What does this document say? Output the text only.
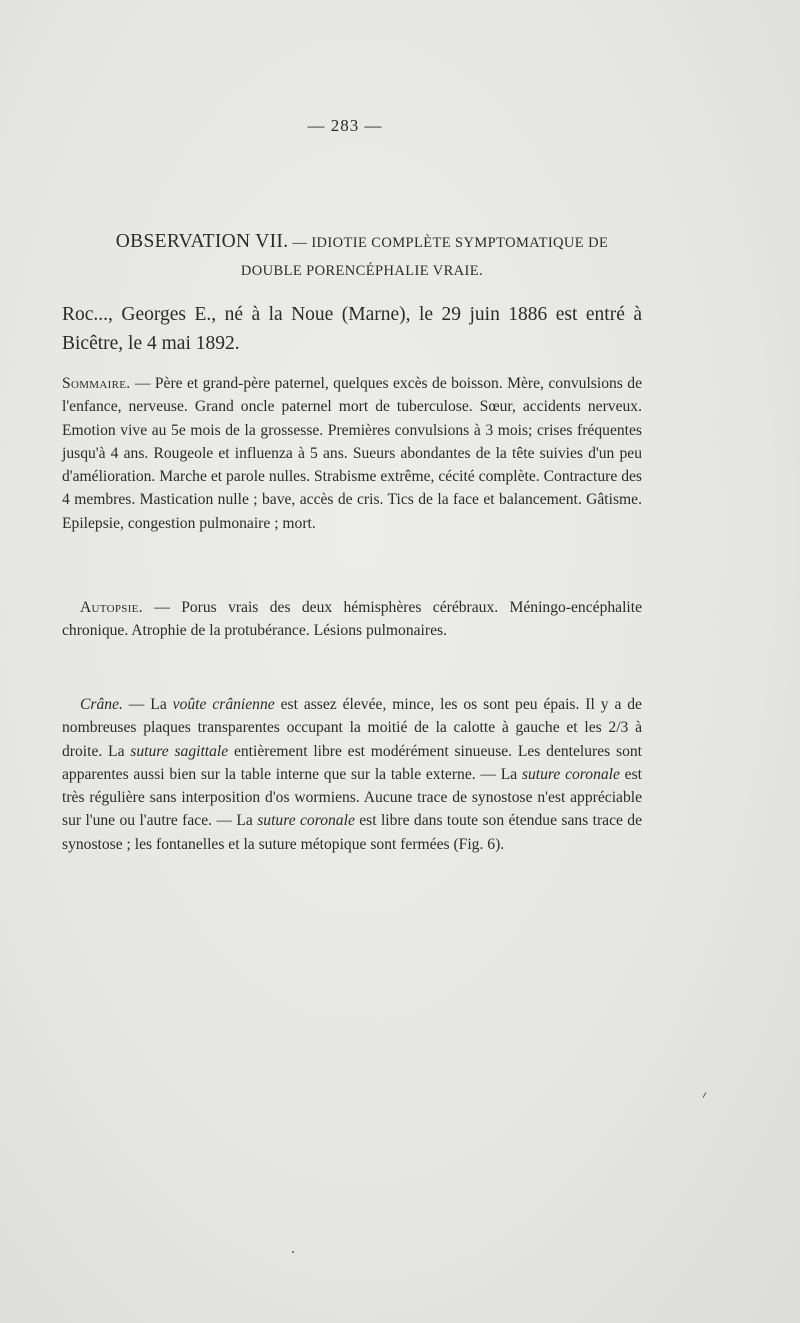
— 283 —
OBSERVATION VII. — IDIOTIE COMPLÈTE SYMPTOMATIQUE DE
DOUBLE PORENCÉPHALIE VRAIE.
Roc..., Georges E., né à la Noue (Marne), le 29 juin 1886 est entré à Bicêtre, le 4 mai 1892.
Sommaire. — Père et grand-père paternel, quelques excès de boisson. Mère, convulsions de l'enfance, nerveuse. Grand oncle paternel mort de tuberculose. Sœur, accidents nerveux. Emotion vive au 5e mois de la grossesse. Premières convulsions à 3 mois; crises fréquentes jusqu'à 4 ans. Rougeole et influenza à 5 ans. Sueurs abondantes de la tête suivies d'un peu d'amélioration. Marche et parole nulles. Strabisme extrême, cécité complète. Contracture des 4 membres. Mastication nulle ; bave, accès de cris. Tics de la face et balancement. Gâtisme. Epilepsie, congestion pulmonaire ; mort.
Autopsie. — Porus vrais des deux hémisphères cérébraux. Méningo-encéphalite chronique. Atrophie de la protubérance. Lésions pulmonaires.
Crâne. — La voûte crânienne est assez élevée, mince, les os sont peu épais. Il y a de nombreuses plaques transparentes occupant la moitié de la calotte à gauche et les 2/3 à droite. La suture sagittale entièrement libre est modérément sinueuse. Les dentelures sont apparentes aussi bien sur la table interne que sur la table externe. — La suture coronale est très régulière sans interposition d'os wormiens. Aucune trace de synostose n'est appréciable sur l'une ou l'autre face. — La suture coronale est libre dans toute son étendue sans trace de synostose ; les fontanelles et la suture métopique sont fermées (Fig. 6).
